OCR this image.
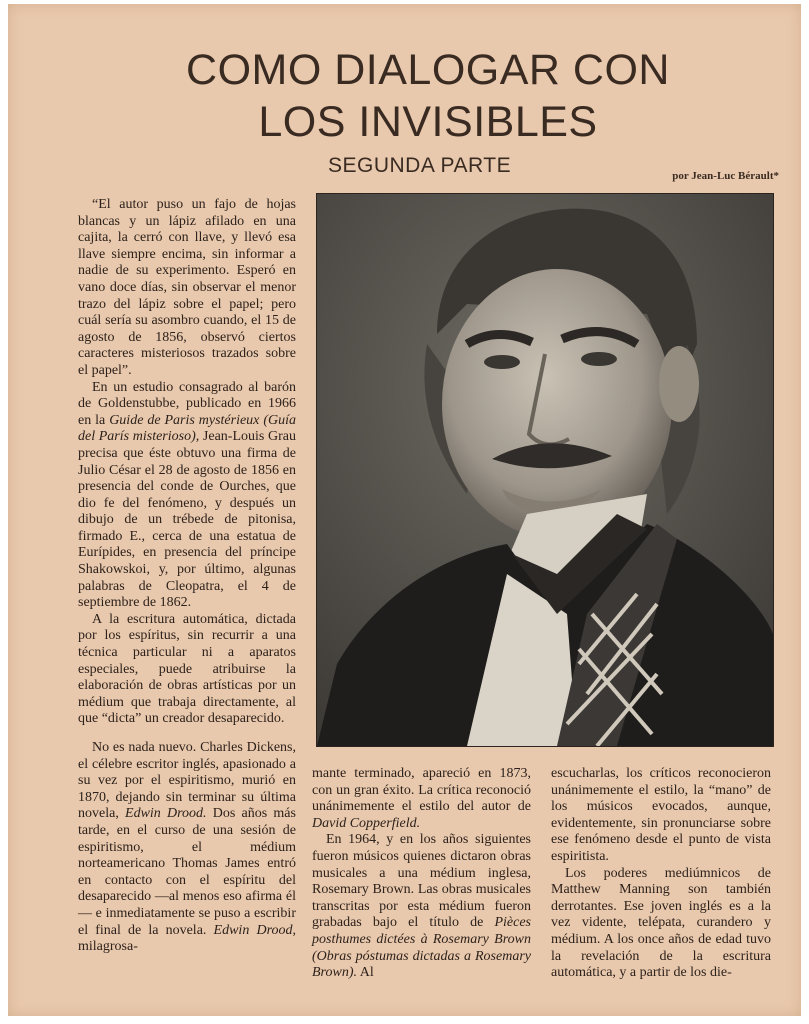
COMO DIALOGAR CON
LOS INVISIBLES
SEGUNDA PARTE	por Jean-Luc Bérault*

“El autor puso un fajo de hojas blancas y un lápiz afilado en una cajita, la cerró con llave, y llevó esa llave siempre encima, sin informar a nadie de su experimento. Esperó en vano doce días, sin observar el menor trazo del lápiz sobre el papel; pero cuál sería su asombro cuando, el 15 de agosto de 1856, observó ciertos caracteres misteriosos trazados sobre el papel”.

En un estudio consagrado al barón de Goldenstubbe, publicado en 1966 en la Guide de Paris mystérieux (Guía del París misterioso), Jean-Louis Grau precisa que éste obtuvo una firma de Julio César el 28 de agosto de 1856 en presencia del conde de Ourches, que dio fe del fenómeno, y después un dibujo de un trébede de pitonisa, firmado E., cerca de una estatua de Eurípides, en presencia del príncipe Shakowskoi, y, por último, algunas palabras de Cleopatra, el 4 de septiembre de 1862.

A la escritura automática, dictada por los espíritus, sin recurrir a una técnica particular ni a aparatos especiales, puede atribuirse la elaboración de obras artísticas por un médium que trabaja directamente, al que “dicta” un creador desaparecido.

No es nada nuevo. Charles Dickens, el célebre escritor inglés, apasionado a su vez por el espiritismo, murió en 1870, dejando sin terminar su última novela, Edwin Drood. Dos años más tarde, en el curso de una sesión de espiritismo, el médium norteamericano Thomas James entró en contacto con el espíritu del desaparecido —al menos eso afirma él— e inmediatamente se puso a escribir el final de la novela. Edwin Drood, milagrosa-

mante terminado, apareció en 1873, con un gran éxito. La crítica reconoció unánimemente el estilo del autor de David Copperfield.

En 1964, y en los años siguientes fueron músicos quienes dictaron obras musicales a una médium inglesa, Rosemary Brown. Las obras musicales transcritas por esta médium fueron grabadas bajo el título de Pièces posthumes dictées à Rosemary Brown (Obras póstumas dictadas a Rosemary Brown). Al

escucharlas, los críticos reconocieron unánimemente el estilo, la “mano” de los músicos evocados, aunque, evidentemente, sin pronunciarse sobre ese fenómeno desde el punto de vista espiritista.

Los poderes mediúmnicos de Matthew Manning son también derrotantes. Ese joven inglés es a la vez vidente, telépata, curandero y médium. A los once años de edad tuvo la revelación de la escritura automática, y a partir de los die-
